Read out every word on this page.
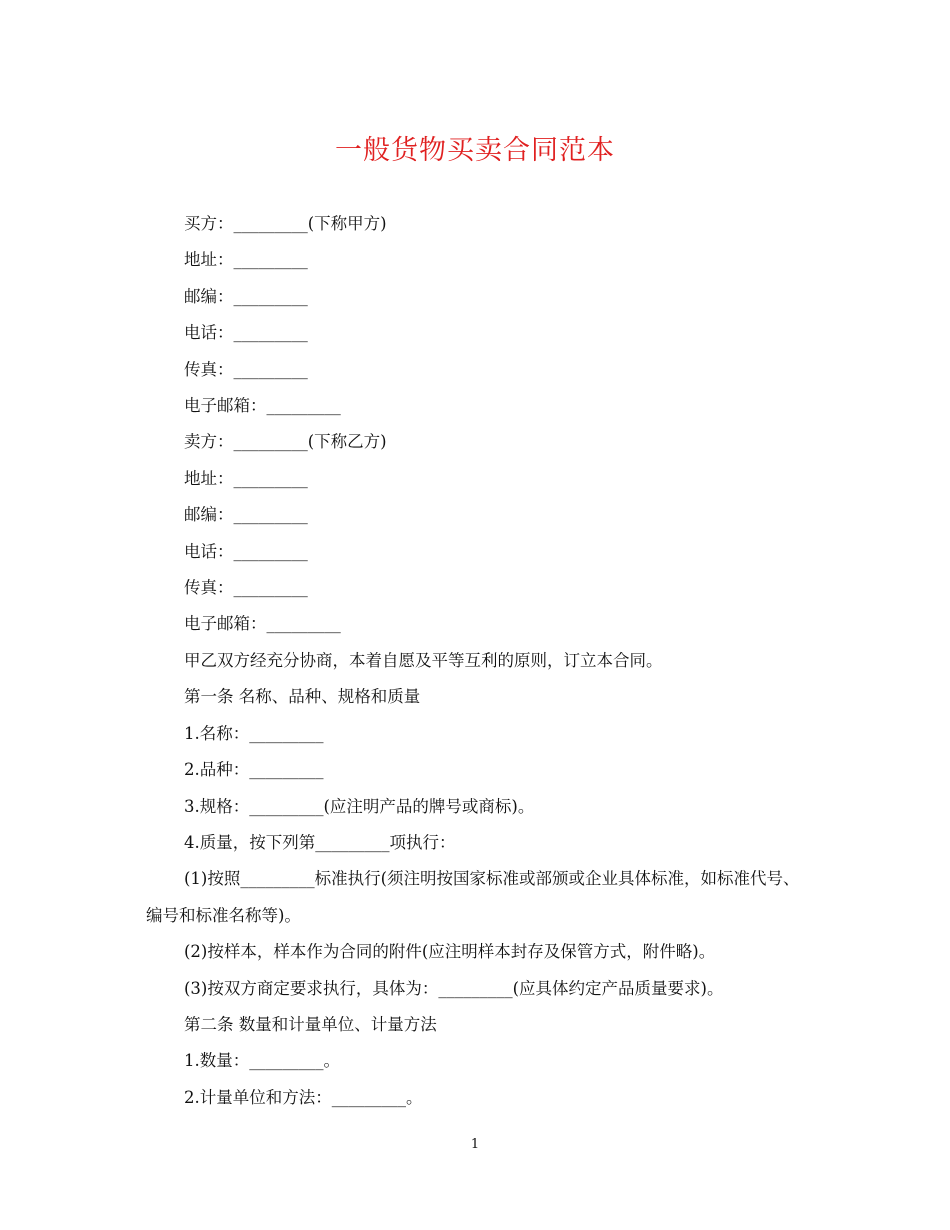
一般货物买卖合同范本
买方：_________(下称甲方)
地址：_________
邮编：_________
电话：_________
传真：_________
电子邮箱：_________
卖方：_________(下称乙方)
地址：_________
邮编：_________
电话：_________
传真：_________
电子邮箱：_________
甲乙双方经充分协商，本着自愿及平等互利的原则，订立本合同。
第一条 名称、品种、规格和质量
1.名称：_________
2.品种：_________
3.规格：_________(应注明产品的牌号或商标)。
4.质量，按下列第_________项执行：
(1)按照_________标准执行(须注明按国家标准或部颁或企业具体标准，如标准代号、编号和标准名称等)。
(2)按样本，样本作为合同的附件(应注明样本封存及保管方式，附件略)。
(3)按双方商定要求执行，具体为：_________(应具体约定产品质量要求)。
第二条 数量和计量单位、计量方法
1.数量：_________。
2.计量单位和方法：_________。
1
